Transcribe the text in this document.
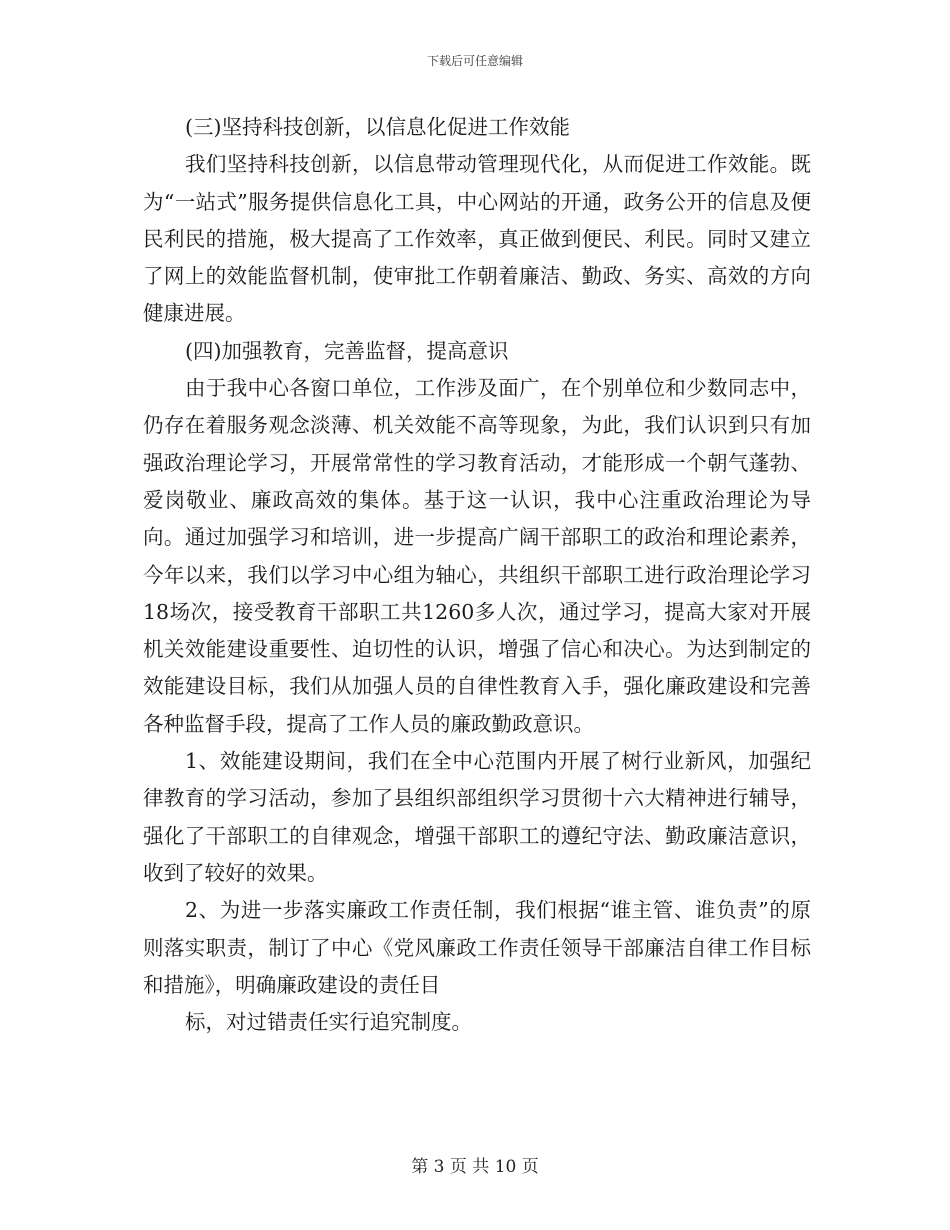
下载后可任意编辑

(三)坚持科技创新，以信息化促进工作效能

我们坚持科技创新，以信息带动管理现代化，从而促进工作效能。既为“一站式”服务提供信息化工具，中心网站的开通，政务公开的信息及便民利民的措施，极大提高了工作效率，真正做到便民、利民。同时又建立了网上的效能监督机制，使审批工作朝着廉洁、勤政、务实、高效的方向健康进展。

(四)加强教育，完善监督，提高意识

由于我中心各窗口单位，工作涉及面广，在个别单位和少数同志中，仍存在着服务观念淡薄、机关效能不高等现象，为此，我们认识到只有加强政治理论学习，开展常常性的学习教育活动，才能形成一个朝气蓬勃、爱岗敬业、廉政高效的集体。基于这一认识，我中心注重政治理论为导向。通过加强学习和培训，进一步提高广阔干部职工的政治和理论素养，今年以来，我们以学习中心组为轴心，共组织干部职工进行政治理论学习18场次，接受教育干部职工共1260多人次，通过学习，提高大家对开展机关效能建设重要性、迫切性的认识，增强了信心和决心。为达到制定的效能建设目标，我们从加强人员的自律性教育入手，强化廉政建设和完善各种监督手段，提高了工作人员的廉政勤政意识。

1、效能建设期间，我们在全中心范围内开展了树行业新风，加强纪律教育的学习活动，参加了县组织部组织学习贯彻十六大精神进行辅导，强化了干部职工的自律观念，增强干部职工的遵纪守法、勤政廉洁意识，收到了较好的效果。

2、为进一步落实廉政工作责任制，我们根据“谁主管、谁负责”的原则落实职责，制订了中心《党风廉政工作责任领导干部廉洁自律工作目标和措施》，明确廉政建设的责任目

标，对过错责任实行追究制度。

第 3 页 共 10 页
